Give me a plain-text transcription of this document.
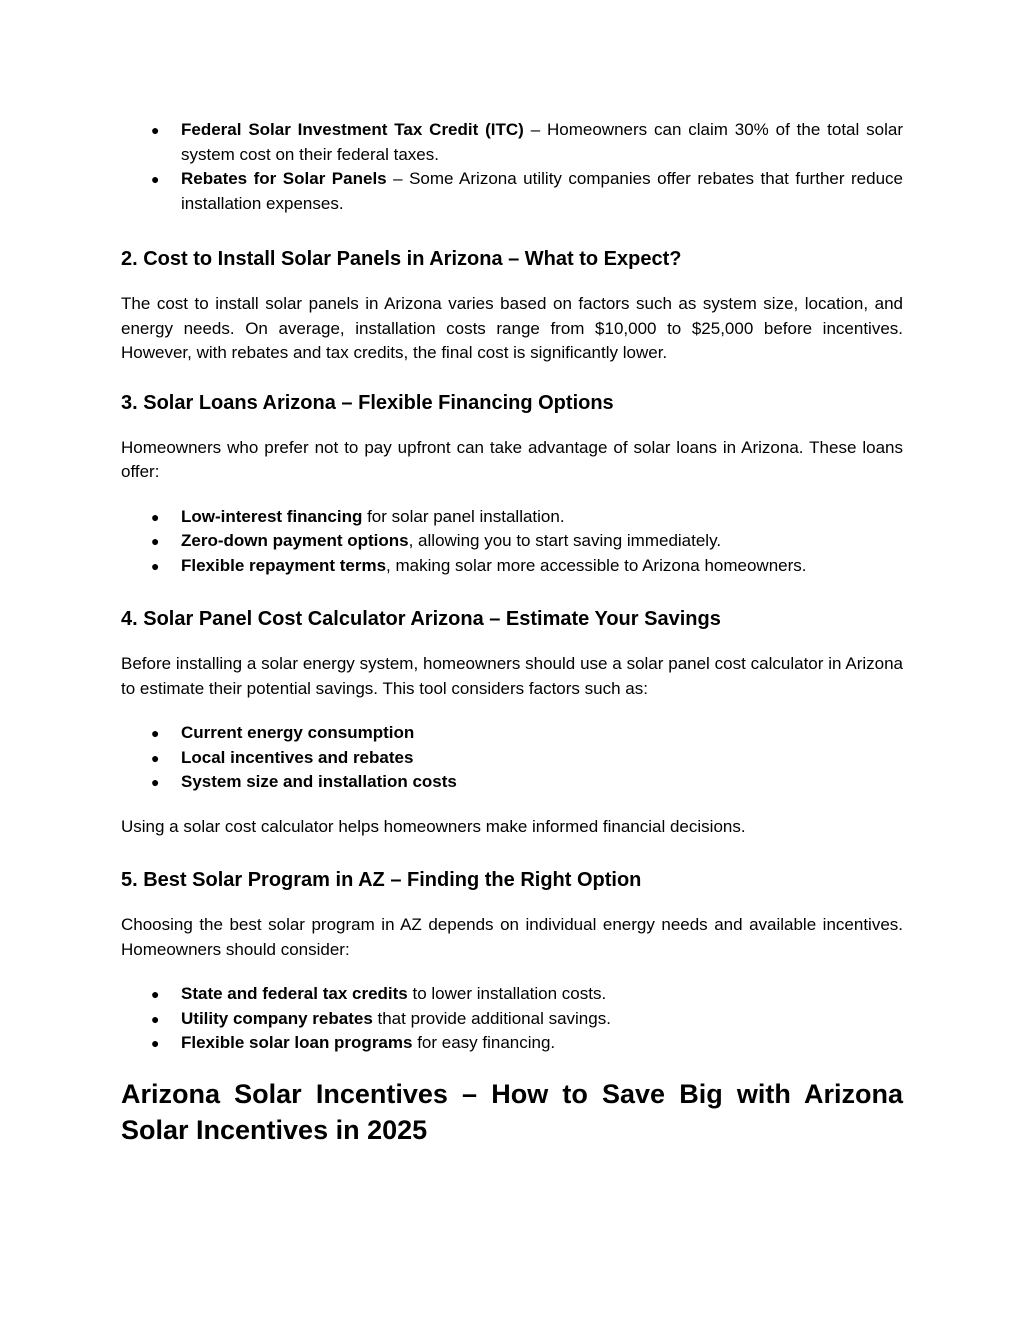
● Federal Solar Investment Tax Credit (ITC) – Homeowners can claim 30% of the total solar system cost on their federal taxes.
● Rebates for Solar Panels – Some Arizona utility companies offer rebates that further reduce installation expenses.
2. Cost to Install Solar Panels in Arizona – What to Expect?

The cost to install solar panels in Arizona varies based on factors such as system size, location, and energy needs. On average, installation costs range from $10,000 to $25,000 before incentives. However, with rebates and tax credits, the final cost is significantly lower.

3. Solar Loans Arizona – Flexible Financing Options

Homeowners who prefer not to pay upfront can take advantage of solar loans in Arizona. These loans offer:

● Low-interest financing for solar panel installation.
● Zero-down payment options, allowing you to start saving immediately.
● Flexible repayment terms, making solar more accessible to Arizona homeowners.
4. Solar Panel Cost Calculator Arizona – Estimate Your Savings

Before installing a solar energy system, homeowners should use a solar panel cost calculator in Arizona to estimate their potential savings. This tool considers factors such as:

● Current energy consumption
● Local incentives and rebates
● System size and installation costs

Using a solar cost calculator helps homeowners make informed financial decisions.

5. Best Solar Program in AZ – Finding the Right Option

Choosing the best solar program in AZ depends on individual energy needs and available incentives. Homeowners should consider:

● State and federal tax credits to lower installation costs.
● Utility company rebates that provide additional savings.
● Flexible solar loan programs for easy financing.
Arizona Solar Incentives – How to Save Big with Arizona Solar Incentives in 2025
